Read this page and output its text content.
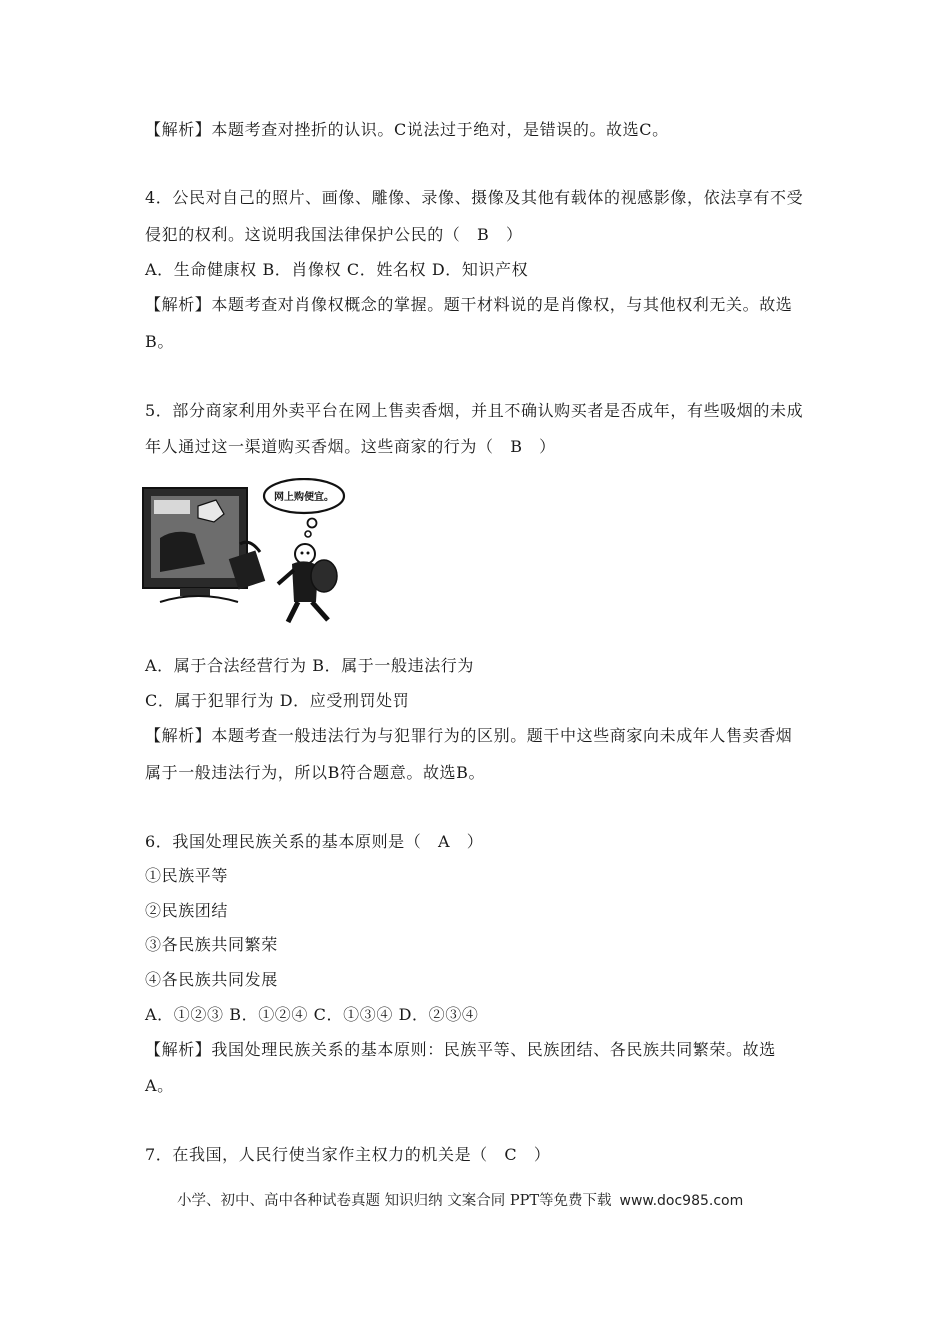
【解析】本题考查对挫折的认识。C说法过于绝对，是错误的。故选C。
4．公民对自己的照片、画像、雕像、录像、摄像及其他有载体的视感影像，依法享有不受
侵犯的权利。这说明我国法律保护公民的（　B　）
A．生命健康权 B．肖像权 C．姓名权 D．知识产权
【解析】本题考查对肖像权概念的掌握。题干材料说的是肖像权，与其他权利无关。故选
B。
5．部分商家利用外卖平台在网上售卖香烟，并且不确认购买者是否成年，有些吸烟的未成
年人通过这一渠道购买香烟。这些商家的行为（　B　）
网上购便宜。
A．属于合法经营行为 B．属于一般违法行为
C．属于犯罪行为 D．应受刑罚处罚
【解析】本题考查一般违法行为与犯罪行为的区别。题干中这些商家向未成年人售卖香烟
属于一般违法行为，所以B符合题意。故选B。
6．我国处理民族关系的基本原则是（　A　）
①民族平等
②民族团结
③各民族共同繁荣
④各民族共同发展
A．①②③ B．①②④ C．①③④ D．②③④
【解析】我国处理民族关系的基本原则：民族平等、民族团结、各民族共同繁荣。故选
A。
7．在我国，人民行使当家作主权力的机关是（　C　）
小学、初中、高中各种试卷真题 知识归纳 文案合同 PPT等免费下载 www.doc985.com
